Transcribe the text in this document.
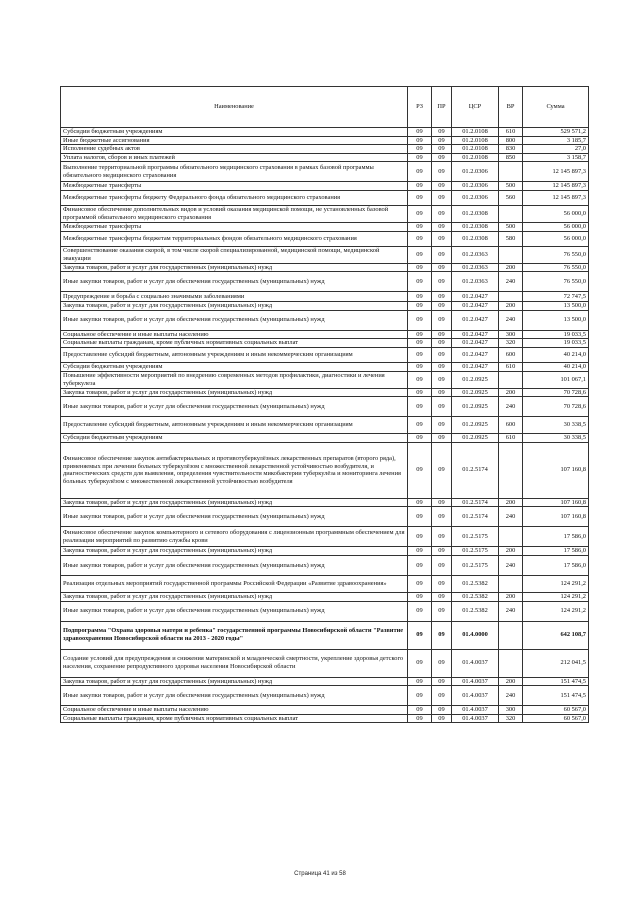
Наименование	РЗ	ПР	ЦСР	ВР	Сумма
Субсидии бюджетным учреждениям	09	09	01.2.0108	610	529 571,2
Иные бюджетные ассигнования	09	09	01.2.0108	800	3 185,7
Исполнение судебных актов	09	09	01.2.0108	830	27,0
Уплата налогов, сборов и иных платежей	09	09	01.2.0108	850	3 158,7
Выполнение территориальной программы обязательного медицинского страхования в рамках базовой программы обязательного медицинского страхования	09	09	01.2.0306		12 145 897,3
Межбюджетные трансферты	09	09	01.2.0306	500	12 145 897,3
Межбюджетные трансферты бюджету Федерального фонда обязательного медицинского страхования	09	09	01.2.0306	560	12 145 897,3
Финансовое обеспечение дополнительных видов и условий оказания медицинской помощи, не установленных базовой программой обязательного медицинского страхования	09	09	01.2.0308		56 000,0
Межбюджетные трансферты	09	09	01.2.0308	500	56 000,0
Межбюджетные трансферты бюджетам территориальных фондов обязательного медицинского страхования	09	09	01.2.0308	580	56 000,0
Совершенствование оказания скорой, в том числе скорой специализированной, медицинской помощи, медицинской эвакуации	09	09	01.2.0363		76 550,0
Закупка товаров, работ и услуг для государственных (муниципальных) нужд	09	09	01.2.0363	200	76 550,0
Иные закупки товаров, работ и услуг для обеспечения государственных (муниципальных) нужд	09	09	01.2.0363	240	76 550,0
Предупреждение и борьба с социально значимыми заболеваниями	09	09	01.2.0427		72 747,5
Закупка товаров, работ и услуг для государственных (муниципальных) нужд	09	09	01.2.0427	200	13 500,0
Иные закупки товаров, работ и услуг для обеспечения государственных (муниципальных) нужд	09	09	01.2.0427	240	13 500,0
Социальное обеспечение и иные выплаты населению	09	09	01.2.0427	300	19 033,5
Социальные выплаты гражданам, кроме публичных нормативных социальных выплат	09	09	01.2.0427	320	19 033,5
Предоставление субсидий бюджетным, автономным учреждениям и иным некоммерческим организациям	09	09	01.2.0427	600	40 214,0
Субсидии бюджетным учреждениям	09	09	01.2.0427	610	40 214,0
Повышение эффективности мероприятий по внедрению современных методов профилактики, диагностики и лечения туберкулеза	09	09	01.2.0925		101 067,1
Закупка товаров, работ и услуг для государственных (муниципальных) нужд	09	09	01.2.0925	200	70 728,6
Иные закупки товаров, работ и услуг для обеспечения государственных (муниципальных) нужд	09	09	01.2.0925	240	70 728,6
Предоставление субсидий бюджетным, автономным учреждениям и иным некоммерческим организациям	09	09	01.2.0925	600	30 338,5
Субсидии бюджетным учреждениям	09	09	01.2.0925	610	30 338,5
Финансовое обеспечение закупок антибактериальных и противотуберкулёзных лекарственных препаратов (второго ряда), применяемых при лечении больных туберкулёзом с множественной лекарственной устойчивостью возбудителя, и диагностических средств для выявления, определения чувствительности микобактерии туберкулёза и мониторинга лечения больных туберкулёзом с множественной лекарственной устойчивостью возбудителя	09	09	01.2.5174		107 160,8
Закупка товаров, работ и услуг для государственных (муниципальных) нужд	09	09	01.2.5174	200	107 160,8
Иные закупки товаров, работ и услуг для обеспечения государственных (муниципальных) нужд	09	09	01.2.5174	240	107 160,8
Финансовое обеспечение закупок компьютерного и сетевого оборудования с лицензионным программным обеспечением для реализации мероприятий по развитию службы крови	09	09	01.2.5175		17 586,0
Закупка товаров, работ и услуг для государственных (муниципальных) нужд	09	09	01.2.5175	200	17 586,0
Иные закупки товаров, работ и услуг для обеспечения государственных (муниципальных) нужд	09	09	01.2.5175	240	17 586,0
Реализация отдельных мероприятий государственной программы Российской Федерации «Развитие здравоохранения»	09	09	01.2.5382		124 291,2
Закупка товаров, работ и услуг для государственных (муниципальных) нужд	09	09	01.2.5382	200	124 291,2
Иные закупки товаров, работ и услуг для обеспечения государственных (муниципальных) нужд	09	09	01.2.5382	240	124 291,2
Подпрограмма "Охрана здоровья матери и ребенка" государственной программы Новосибирской области "Развитие здравоохранения Новосибирской области на 2013 - 2020 годы"	09	09	01.4.0000		642 108,7
Создание условий для предупреждения и снижения материнской и младенческой смертности, укрепление здоровья детского населения, сохранение репродуктивного здоровья населения Новосибирской области	09	09	01.4.0037		212 041,5
Закупка товаров, работ и услуг для государственных (муниципальных) нужд	09	09	01.4.0037	200	151 474,5
Иные закупки товаров, работ и услуг для обеспечения государственных (муниципальных) нужд	09	09	01.4.0037	240	151 474,5
Социальное обеспечение и иные выплаты населению	09	09	01.4.0037	300	60 567,0
Социальные выплаты гражданам, кроме публичных нормативных социальных выплат	09	09	01.4.0037	320	60 567,0
Страница 41 из 58
